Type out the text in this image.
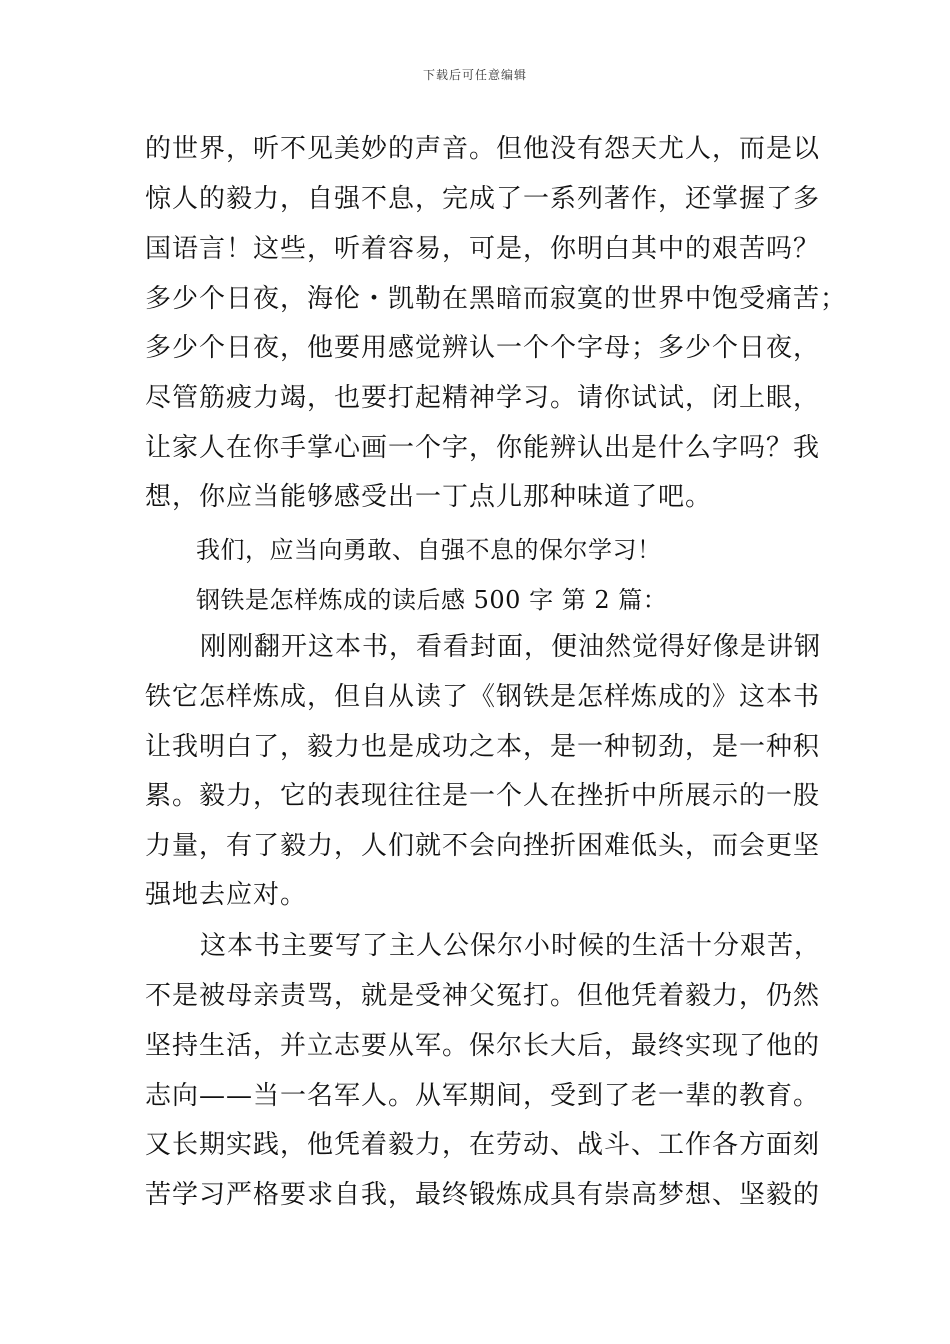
下载后可任意编辑
的世界，听不见美妙的声音。但他没有怨天尤人，而是以
惊人的毅力，自强不息，完成了一系列著作，还掌握了多
国语言！这些，听着容易，可是，你明白其中的艰苦吗？
多少个日夜，海伦・凯勒在黑暗而寂寞的世界中饱受痛苦；
多少个日夜，他要用感觉辨认一个个字母；多少个日夜，
尽管筋疲力竭，也要打起精神学习。请你试试，闭上眼，
让家人在你手掌心画一个字，你能辨认出是什么字吗？我
想，你应当能够感受出一丁点儿那种味道了吧。
我们，应当向勇敢、自强不息的保尔学习！
钢铁是怎样炼成的读后感 500 字 第 2 篇：
刚刚翻开这本书，看看封面，便油然觉得好像是讲钢
铁它怎样炼成，但自从读了《钢铁是怎样炼成的》这本书
让我明白了，毅力也是成功之本，是一种韧劲，是一种积
累。毅力，它的表现往往是一个人在挫折中所展示的一股
力量，有了毅力，人们就不会向挫折困难低头，而会更坚
强地去应对。
这本书主要写了主人公保尔小时候的生活十分艰苦，
不是被母亲责骂，就是受神父冤打。但他凭着毅力，仍然
坚持生活，并立志要从军。保尔长大后，最终实现了他的
志向——当一名军人。从军期间，受到了老一辈的教育。
又长期实践，他凭着毅力，在劳动、战斗、工作各方面刻
苦学习严格要求自我，最终锻炼成具有崇高梦想、坚毅的
